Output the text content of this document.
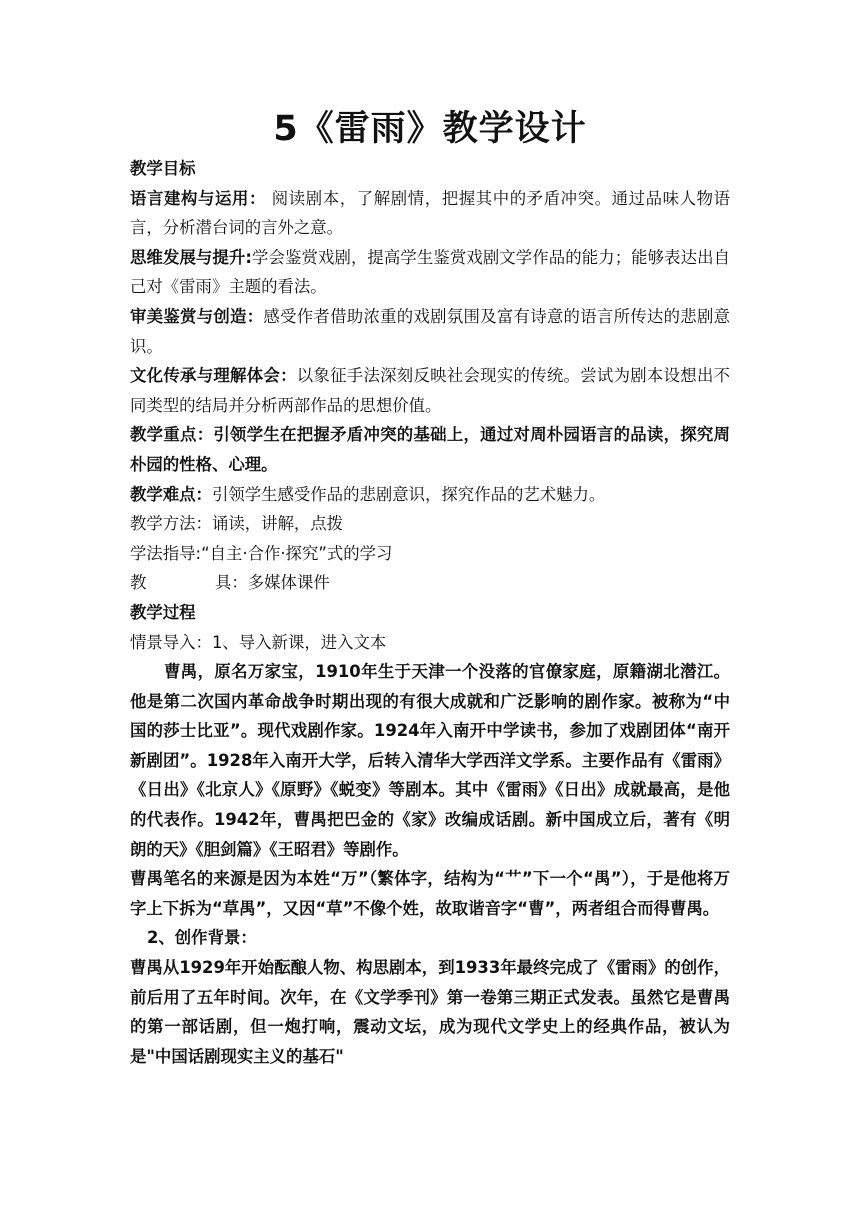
5《雷雨》教学设计

教学目标

语言建构与运用： 阅读剧本，了解剧情，把握其中的矛盾冲突。通过品味人物语言，分析潜台词的言外之意。

思维发展与提升:学会鉴赏戏剧，提高学生鉴赏戏剧文学作品的能力；能够表达出自己对《雷雨》主题的看法。

审美鉴赏与创造：感受作者借助浓重的戏剧氛围及富有诗意的语言所传达的悲剧意识。

文化传承与理解体会：以象征手法深刻反映社会现实的传统。尝试为剧本设想出不同类型的结局并分析两部作品的思想价值。

教学重点：引领学生在把握矛盾冲突的基础上，通过对周朴园语言的品读，探究周朴园的性格、心理。

教学难点：引领学生感受作品的悲剧意识，探究作品的艺术魅力。

教学方法：诵读，讲解，点拨

学法指导:“自主·合作·探究”式的学习

教	具：多媒体课件

教学过程

情景导入：1、导入新课，进入文本

曹禺，原名万家宝，1910年生于天津一个没落的官僚家庭，原籍湖北潜江。他是第二次国内革命战争时期出现的有很大成就和广泛影响的剧作家。被称为“中国的莎士比亚”。现代戏剧作家。1924年入南开中学读书，参加了戏剧团体“南开新剧团”。1928年入南开大学，后转入清华大学西洋文学系。主要作品有《雷雨》《日出》《北京人》《原野》《蜕变》等剧本。其中《雷雨》《日出》成就最高，是他的代表作。1942年，曹禺把巴金的《家》改编成话剧。新中国成立后，著有《明朗的天》《胆剑篇》《王昭君》等剧作。

曹禺笔名的来源是因为本姓“万”（繁体字，结构为“艹”下一个“禺”），于是他将万字上下拆为“草禺”，又因“草”不像个姓，故取谐音字“曹”，两者组合而得曹禺。

2、创作背景：

曹禺从1929年开始酝酿人物、构思剧本，到1933年最终完成了《雷雨》的创作，前后用了五年时间。次年，在《文学季刊》第一卷第三期正式发表。虽然它是曹禺的第一部话剧，但一炮打响，震动文坛，成为现代文学史上的经典作品，被认为是"中国话剧现实主义的基石"
